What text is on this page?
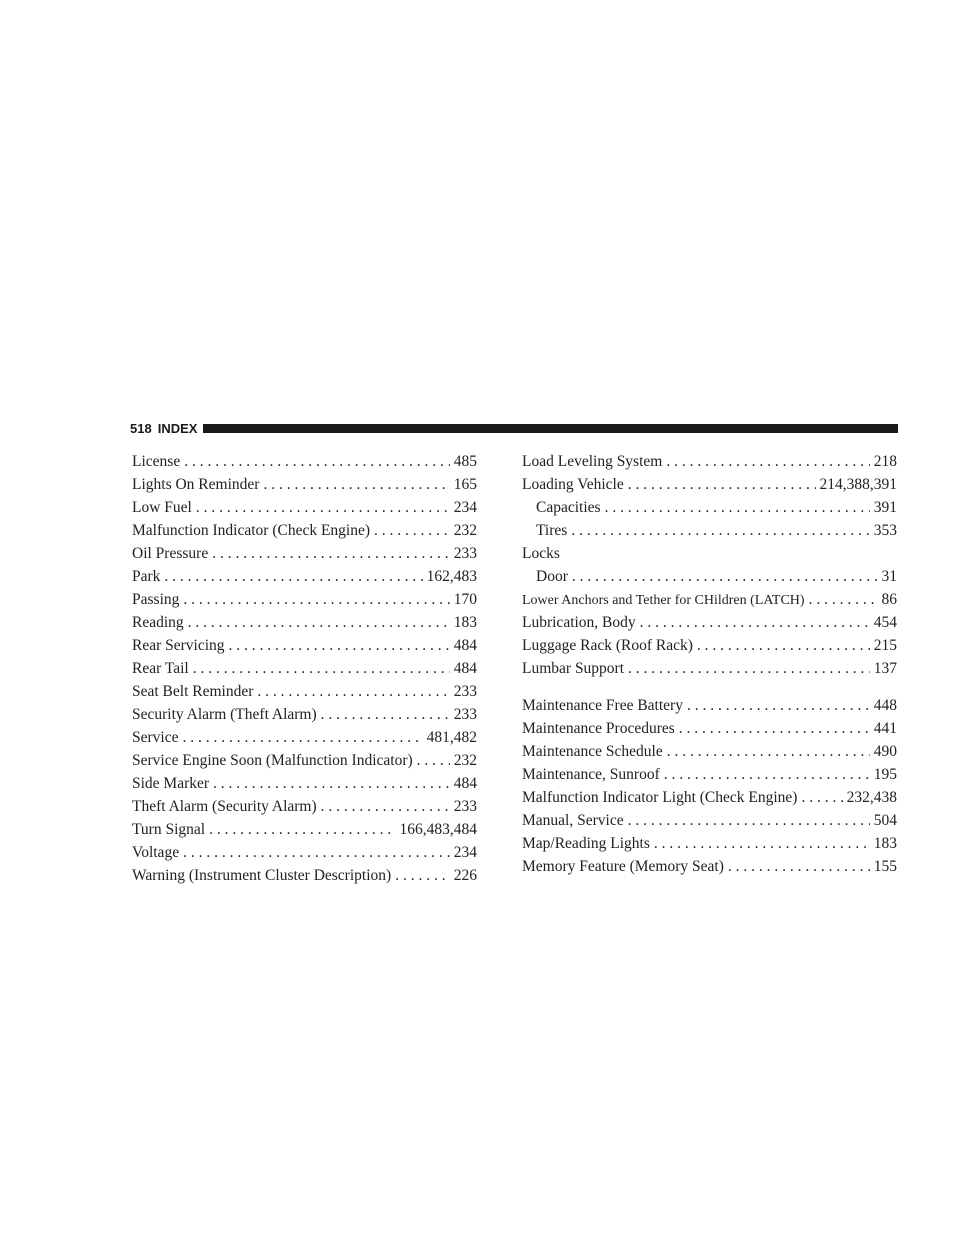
518 INDEX
License . . .	485
Lights On Reminder . . .	165
Low Fuel . . .	234
Malfunction Indicator (Check Engine) . . .	232
Oil Pressure . . .	233
Park . . .	162,483
Passing . . .	170
Reading . . .	183
Rear Servicing . . .	484
Rear Tail . . .	484
Seat Belt Reminder . . .	233
Security Alarm (Theft Alarm) . . .	233
Service . . .	481,482
Service Engine Soon (Malfunction Indicator) . . .	232
Side Marker . . .	484
Theft Alarm (Security Alarm) . . .	233
Turn Signal . . .	166,483,484
Voltage . . .	234
Warning (Instrument Cluster Description) . . .	226
Load Leveling System . . .	218
Loading Vehicle . . .	214,388,391
Capacities . . .	391
Tires . . .	353
Locks
Door . . .	31
Lower Anchors and Tether for CHildren (LATCH) . . .	86
Lubrication, Body . . .	454
Luggage Rack (Roof Rack) . . .	215
Lumbar Support . . .	137
Maintenance Free Battery . . .	448
Maintenance Procedures . . .	441
Maintenance Schedule . . .	490
Maintenance, Sunroof . . .	195
Malfunction Indicator Light (Check Engine) . . .	232,438
Manual, Service . . .	504
Map/Reading Lights . . .	183
Memory Feature (Memory Seat) . . .	155
